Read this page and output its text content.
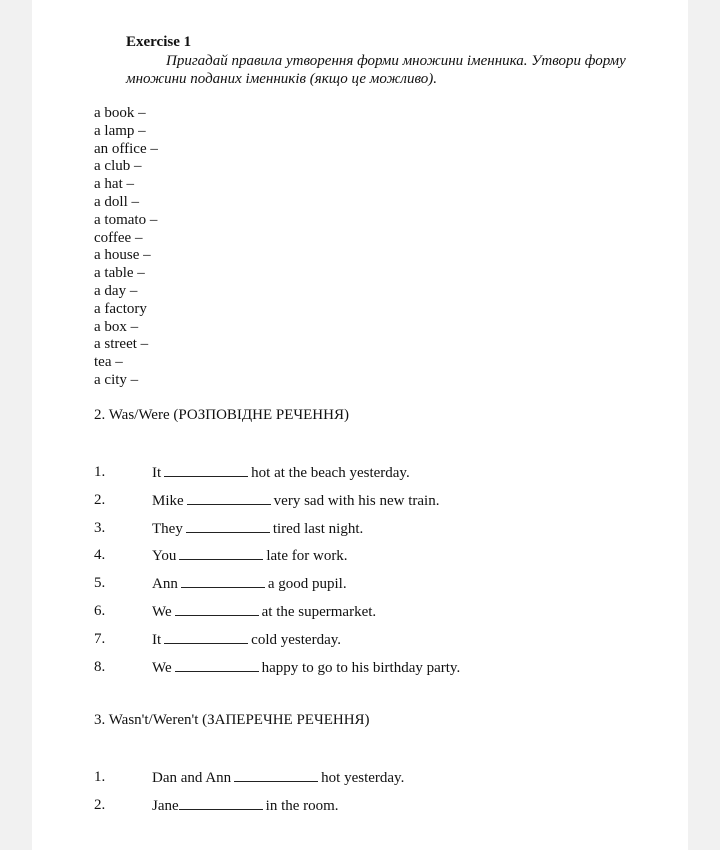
Exercise 1
Пригадай правила утворення форми множини іменника. Утвори форму множини поданих іменників (якщо це можливо).
a book –
a lamp –
an office –
a club –
a hat –
a doll –
a tomato –
coffee –
a house –
a table –
a day –
a factory
a box –
a street –
tea –
a city –
2. Was/Were (РОЗПОВІДНЕ РЕЧЕННЯ)
1.	It	hot at the beach yesterday.
2.	Mike	very sad with his new train.
3.	They	tired last night.
4.	You	late for work.
5.	Ann	a good pupil.
6.	We	at the supermarket.
7.	It	cold yesterday.
8.	We	happy to go to his birthday party.
3. Wasn't/Weren't (ЗАПЕРЕЧНЕ РЕЧЕННЯ)
1.	Dan and Ann	hot yesterday.
2.	Jane	in the room.
